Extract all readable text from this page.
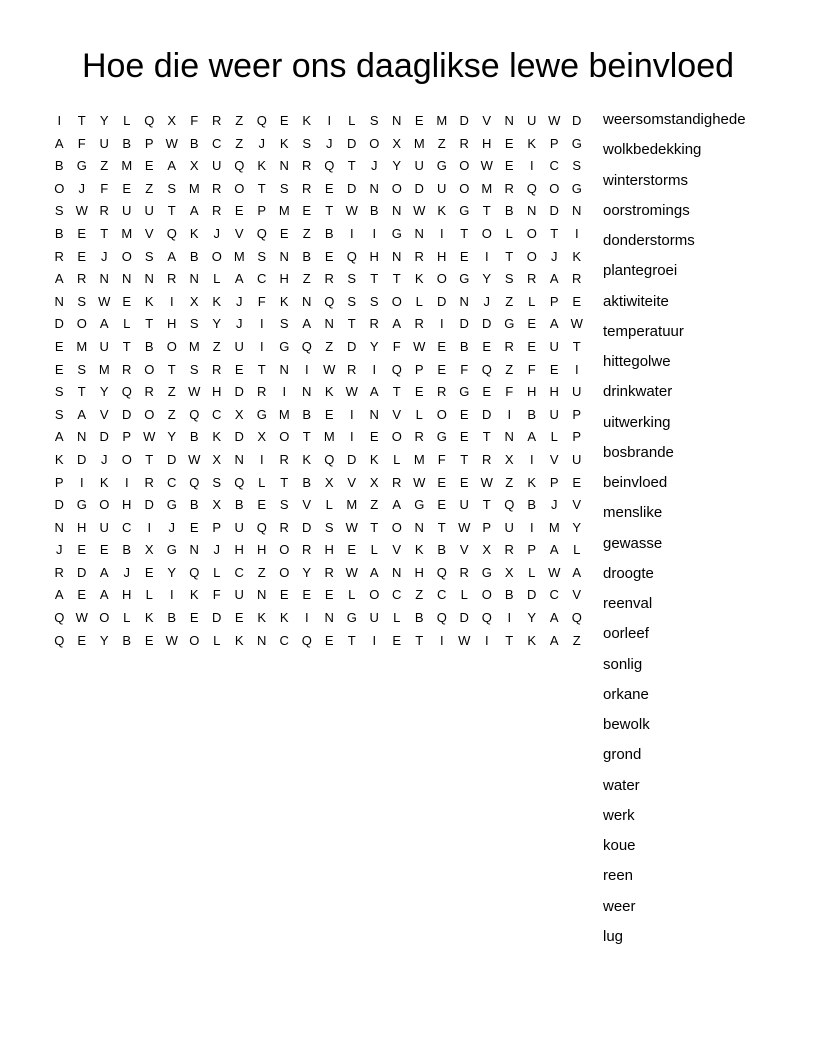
Hoe die weer ons daaglikse lewe beinvloed
I	T	Y	L	Q	X	F	R	Z	Q	E	K	I	L	S	N	E M D	V	N	U W D
A	F	U	B	P W B	C	Z	J	K	S	J	D O	X M	Z	R	H	E	K	P	G
B	G	Z	M E	A	X	U Q	K	N	R Q	T	J	Y	U G O W E	I	C	S
O	J	F	E	Z	S M R O	T	S	R	E	D	N O D	U O M R Q O G
S W R	U	U	T	A	R	E	P M E	T W B	N W K	G	T	B	N	D	N
B	E	T	M V	Q	K	J	V	Q	E	Z	B	I	I	G N	I	T	O	L	O	T	I
R	E	J	O	S	A	B	O M S	N	B	E	Q H	N	R	H	E	I	T	O	J	K
A	R	N	N	N	R	N	L	A	C	H	Z	R	S	T	T	K	O G	Y	S	R	A	R
N	S W E	K	I	X	K	J	F	K	N Q	S	S	O	L	D	N	J	Z	L	P	E
D O	A	L	T	H	S	Y	J	I	S	A	N	T	R	A	R	I	D	D G	E	A W
E M U	T	B	O M	Z	U	I	G Q	Z	D	Y	F W E	B	E	R	E	U	T
E	S M R O	T	S	R	E	T	N	I	W R	I	Q	P	E	F	Q	Z	F	E	I
S	T	Y	Q R	Z W H	D	R	I	N	K W A	T	E	R G	E	F	H	H	U
S	A	V	D O	Z	Q C	X	G M B	E	I	N	V	L	O	E	D	I	B	U	P
A	N	D	P W Y	B	K	D	X	O	T	M	I	E	O R G	E	T	N	A	L	P
K	D	J	O	T	D W X	N	I	R	K	Q D	K	L	M	F	T	R	X	I	V	U
P	I	K	I	R	C Q	S	Q	L	T	B	X	V	X	R W E	E W Z	K	P	E
D G O H	D G	B	X	B	E	S	V	L	M	Z	A	G	E	U	T	Q	B	J	V
N	H	U	C	I	J	E	P	U Q R	D	S W T	O N	T W P	U	I	M Y
J	E	E	B	X	G N	J	H	H O R	H	E	L	V	K	B	V	X	R	P	A	L
R	D	A	J	E	Y	Q	L	C	Z	O	Y	R W A	N	H Q R G	X	L W A
A	E	A	H	L	I	K	F	U	N	E	E	E	L	O C	Z	C	L	O	B	D	C	V
Q W O	L	K	B	E	D	E	K	K	I	N G U	L	B	Q D Q	I	Y	A	Q
Q	E	Y	B	E W O	L	K	N	C Q	E	T	I	E	T	I	W	I	T	K	A	Z
weersomstandighede
wolkbedekking
winterstorms
oorstromings
donderstorms
plantegroei
aktiwiteite
temperatuur
hittegolwe
drinkwater
uitwerking
bosbrande
beinvloed
menslike
gewasse
droogte
reenval
oorleef
sonlig
orkane
bewolk
grond
water
werk
koue
reen
weer
lug
